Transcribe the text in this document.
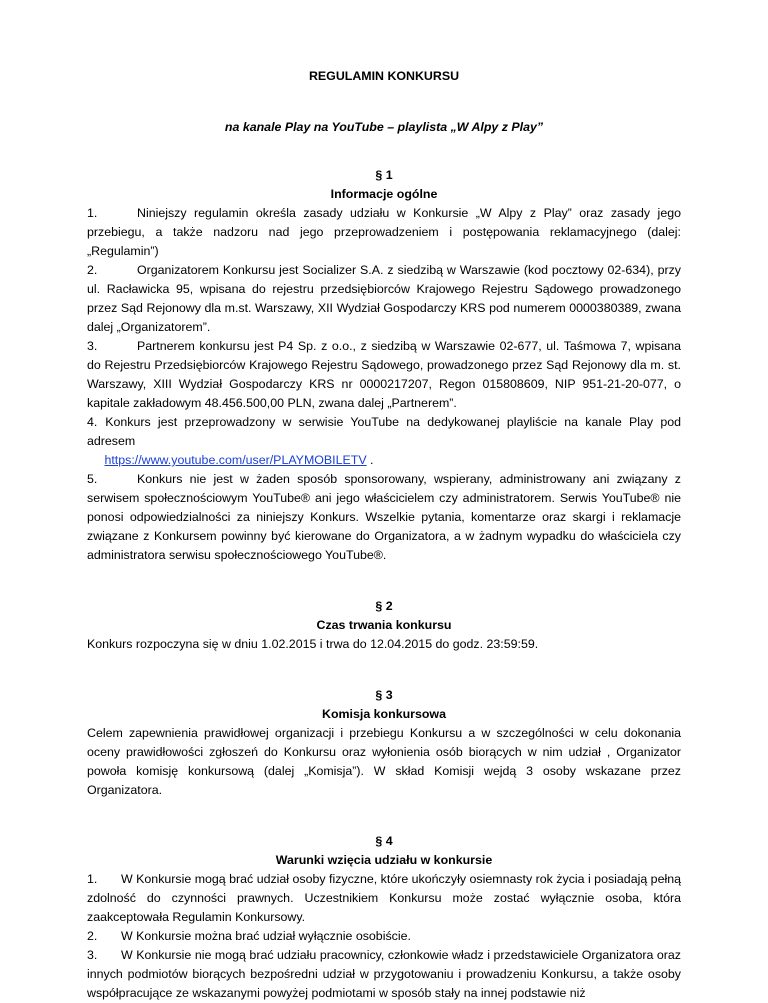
REGULAMIN KONKURSU

na kanale Play na YouTube – playlista „W Alpy z Play”

§ 1

Informacje ogólne

1.	Niniejszy regulamin określa zasady udziału w Konkursie „W Alpy z Play” oraz zasady jego przebiegu, a także nadzoru nad jego przeprowadzeniem i postępowania reklamacyjnego (dalej: „Regulamin”)

2.	Organizatorem Konkursu jest Socializer S.A. z siedzibą w Warszawie (kod pocztowy 02-634), przy ul. Racławicka 95, wpisana do rejestru przedsiębiorców Krajowego Rejestru Sądowego prowadzonego przez Sąd Rejonowy dla m.st. Warszawy, XII Wydział Gospodarczy KRS pod numerem 0000380389, zwana dalej „Organizatorem”.

3.	Partnerem konkursu jest P4 Sp. z o.o., z siedzibą w Warszawie 02-677, ul. Taśmowa 7, wpisana do Rejestru Przedsiębiorców Krajowego Rejestru Sądowego, prowadzonego przez Sąd Rejonowy dla m. st. Warszawy, XIII Wydział Gospodarczy KRS nr 0000217207, Regon 015808609, NIP 951-21-20-077, o kapitale zakładowym 48.456.500,00 PLN, zwana dalej „Partnerem”.

4. Konkurs jest przeprowadzony w serwisie YouTube na dedykowanej playliście na kanale Play pod adresem
https://www.youtube.com/user/PLAYMOBILETV .

5.	Konkurs nie jest w żaden sposób sponsorowany, wspierany, administrowany ani związany z serwisem społecznościowym YouTube® ani jego właścicielem czy administratorem. Serwis YouTube® nie ponosi odpowiedzialności za niniejszy Konkurs. Wszelkie pytania, komentarze oraz skargi i reklamacje związane z Konkursem powinny być kierowane do Organizatora, a w żadnym wypadku do właściciela czy administratora serwisu społecznościowego YouTube®.

§ 2

Czas trwania konkursu

Konkurs rozpoczyna się w dniu 1.02.2015 i trwa do 12.04.2015 do godz. 23:59:59.

§ 3

Komisja konkursowa

Celem zapewnienia prawidłowej organizacji i przebiegu Konkursu a w szczególności w celu dokonania oceny prawidłowości zgłoszeń do Konkursu oraz wyłonienia osób biorących w nim udział , Organizator powoła komisję konkursową (dalej „Komisja”). W skład Komisji wejdą 3 osoby wskazane przez Organizatora.

§ 4

Warunki wzięcia udziału w konkursie

1. W Konkursie mogą brać udział osoby fizyczne, które ukończyły osiemnasty rok życia i posiadają pełną zdolność do czynności prawnych. Uczestnikiem Konkursu może zostać wyłącznie osoba, która zaakceptowała Regulamin Konkursowy.

2. W Konkursie można brać udział wyłącznie osobiście.

3. W Konkursie nie mogą brać udziału pracownicy, członkowie władz i przedstawiciele Organizatora oraz innych podmiotów biorących bezpośredni udział w przygotowaniu i prowadzeniu Konkursu, a także osoby współpracujące ze wskazanymi powyżej podmiotami w sposób stały na innej podstawie niż
